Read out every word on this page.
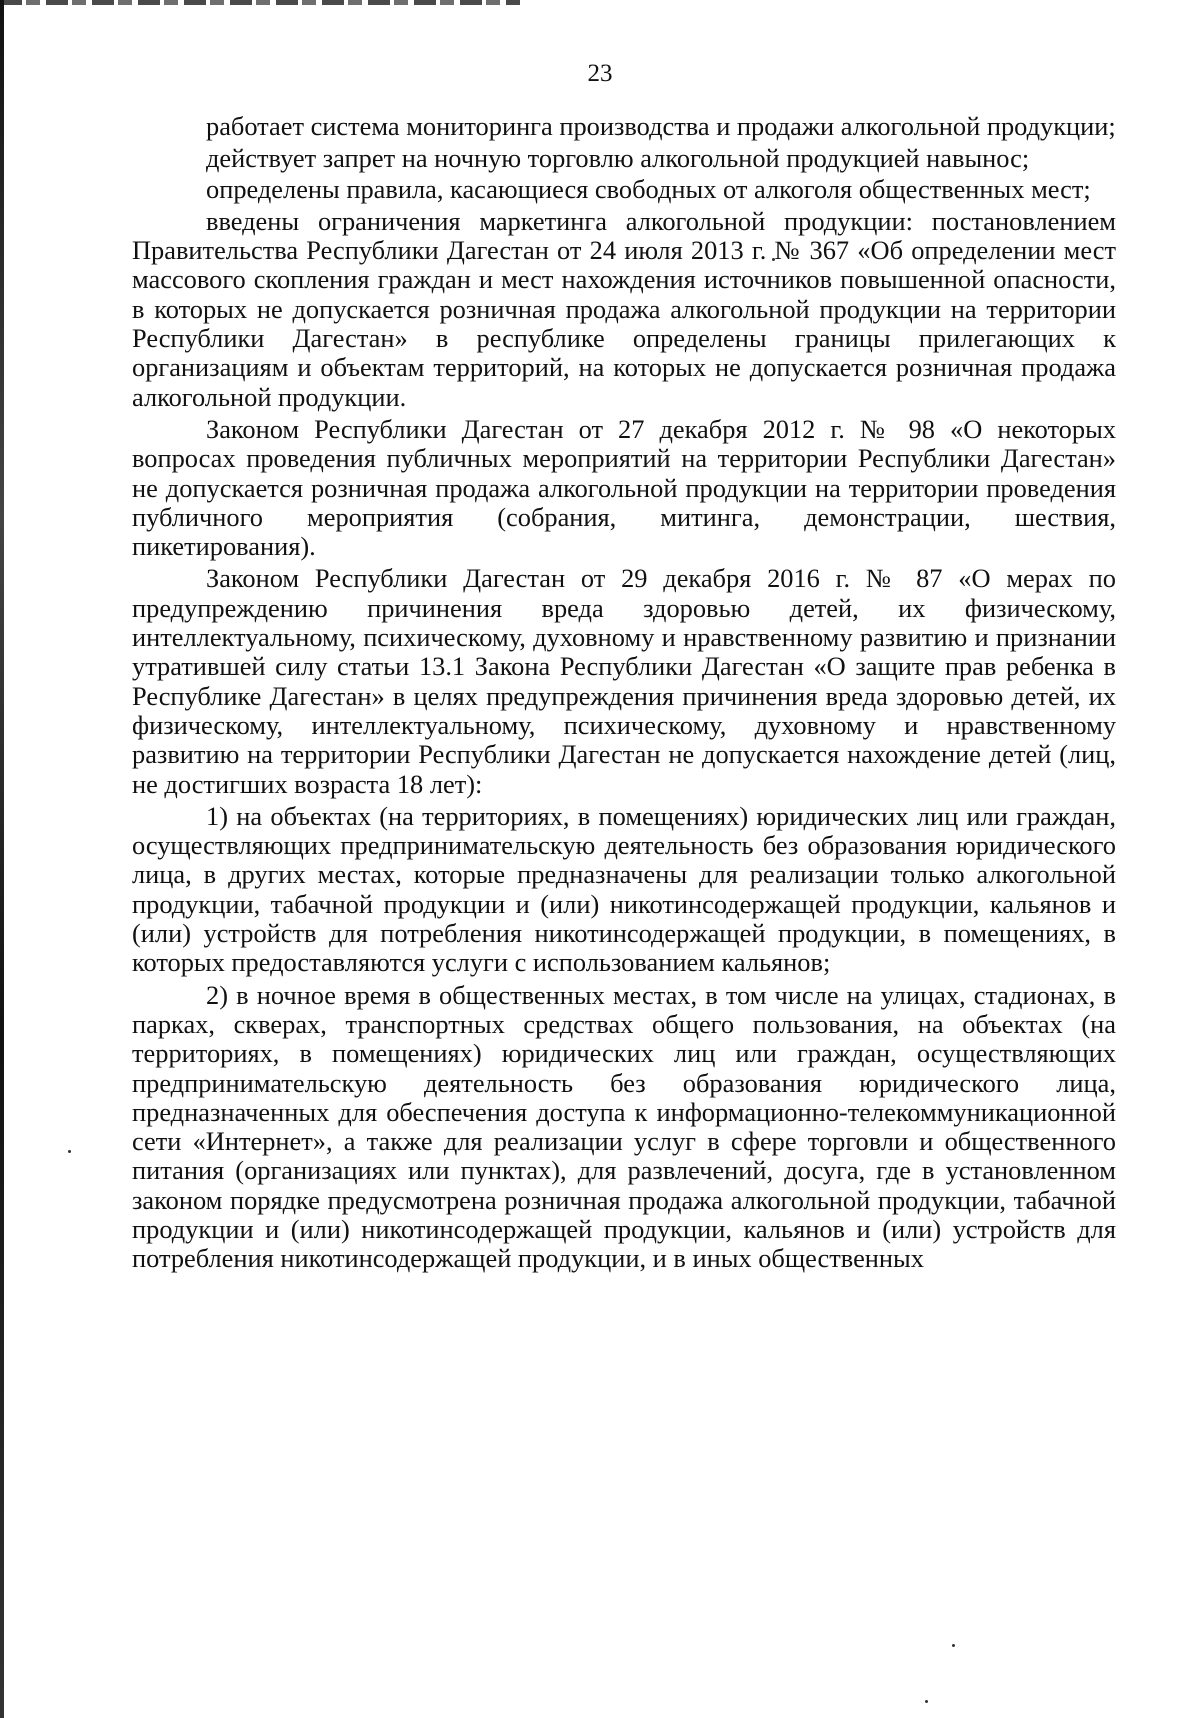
23

работает система мониторинга производства и продажи алкогольной продукции;

действует запрет на ночную торговлю алкогольной продукцией навынос;

определены правила, касающиеся свободных от алкоголя общественных мест;

введены ограничения маркетинга алкогольной продукции: постановлением Правительства Республики Дагестан от 24 июля 2013 г. № 367 «Об определении мест массового скопления граждан и мест нахождения источников повышенной опасности, в которых не допускается розничная продажа алкогольной продукции на территории Республики Дагестан» в республике определены границы прилегающих к организациям и объектам территорий, на которых не допускается розничная продажа алкогольной продукции.

Законом Республики Дагестан от 27 декабря 2012 г. № 98 «О некоторых вопросах проведения публичных мероприятий на территории Республики Дагестан» не допускается розничная продажа алкогольной продукции на территории проведения публичного мероприятия (собрания, митинга, демонстрации, шествия, пикетирования).

Законом Республики Дагестан от 29 декабря 2016 г. № 87 «О мерах по предупреждению причинения вреда здоровью детей, их физическому, интеллектуальному, психическому, духовному и нравственному развитию и признании утратившей силу статьи 13.1 Закона Республики Дагестан «О защите прав ребенка в Республике Дагестан» в целях предупреждения причинения вреда здоровью детей, их физическому, интеллектуальному, психическому, духовному и нравственному развитию на территории Республики Дагестан не допускается нахождение детей (лиц, не достигших возраста 18 лет):

1) на объектах (на территориях, в помещениях) юридических лиц или граждан, осуществляющих предпринимательскую деятельность без образования юридического лица, в других местах, которые предназначены для реализации только алкогольной продукции, табачной продукции и (или) никотинсодержащей продукции, кальянов и (или) устройств для потребления никотинсодержащей продукции, в помещениях, в которых предоставляются услуги с использованием кальянов;

2) в ночное время в общественных местах, в том числе на улицах, стадионах, в парках, скверах, транспортных средствах общего пользования, на объектах (на территориях, в помещениях) юридических лиц или граждан, осуществляющих предпринимательскую деятельность без образования юридического лица, предназначенных для обеспечения доступа к информационно-телекоммуникационной сети «Интернет», а также для реализации услуг в сфере торговли и общественного питания (организациях или пунктах), для развлечений, досуга, где в установленном законом порядке предусмотрена розничная продажа алкогольной продукции, табачной продукции и (или) никотинсодержащей продукции, кальянов и (или) устройств для потребления никотинсодержащей продукции, и в иных общественных
